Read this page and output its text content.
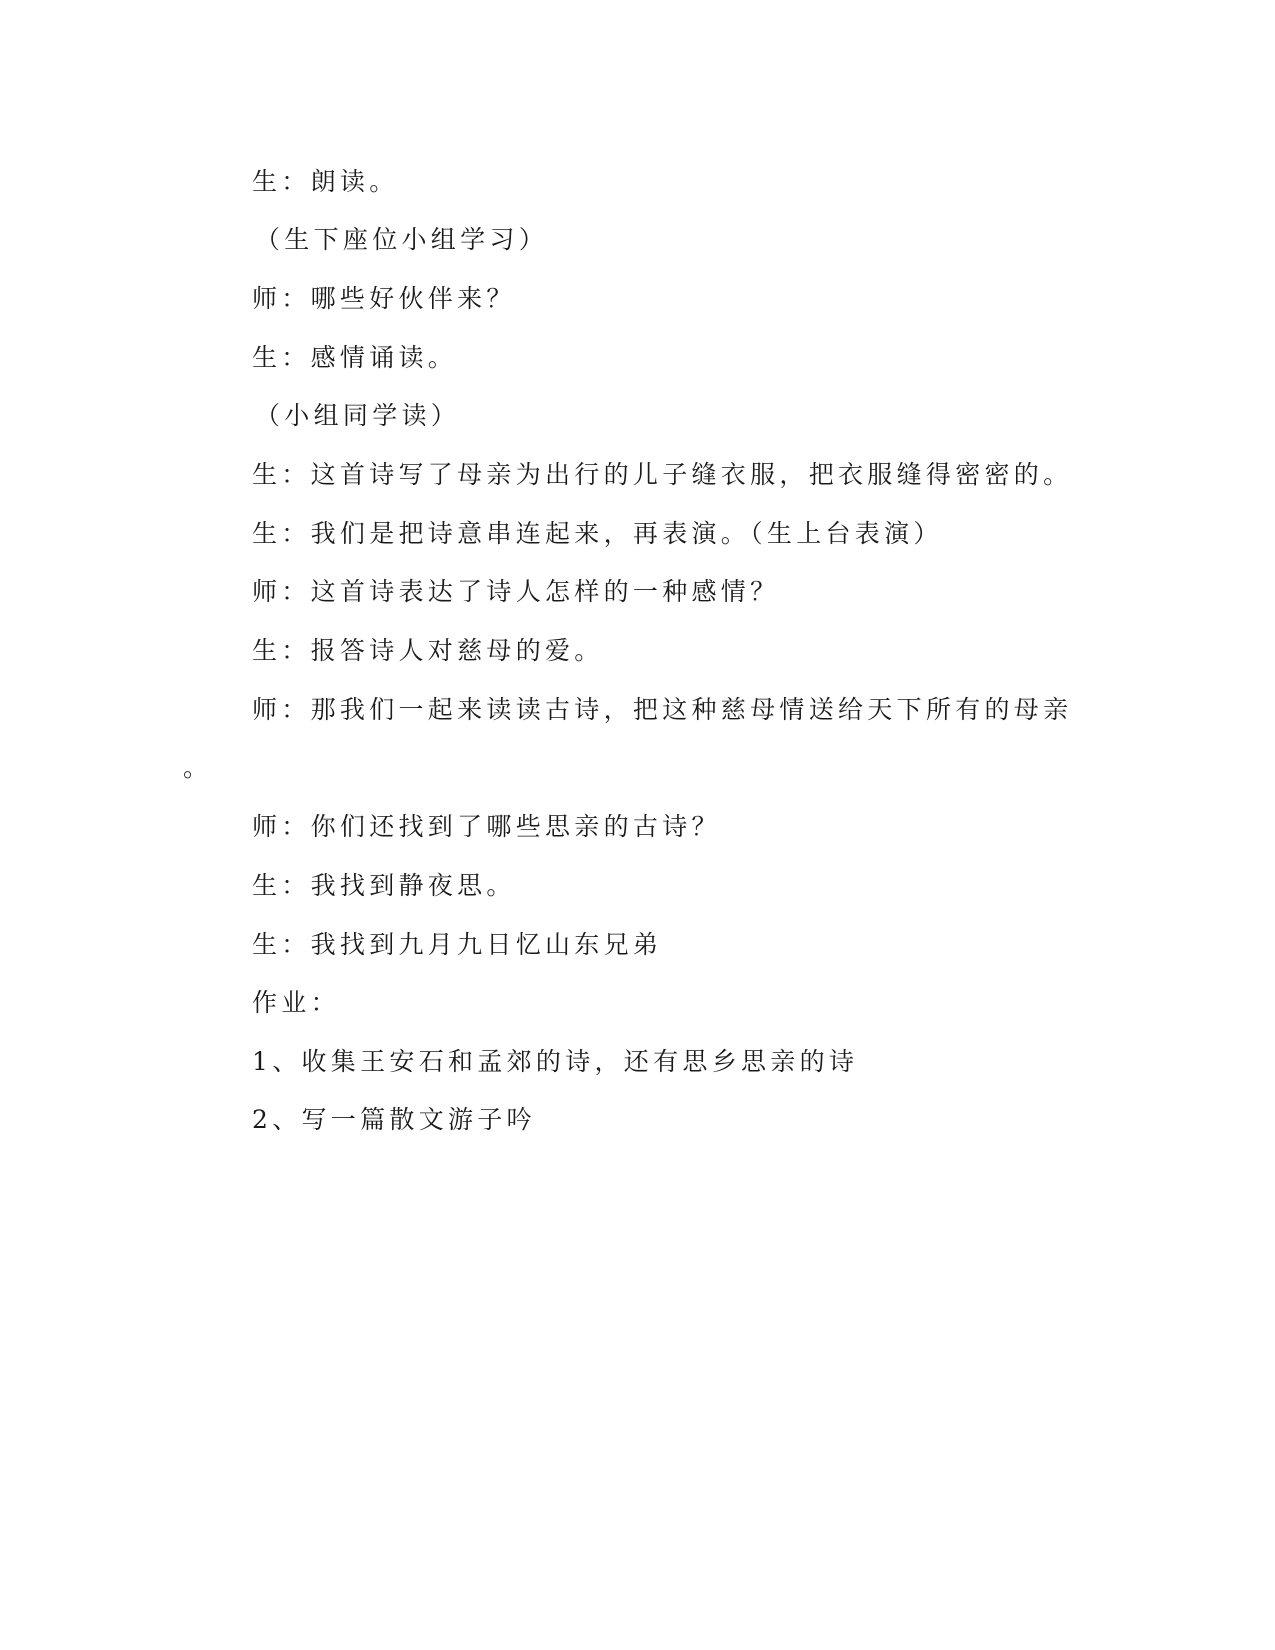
生：朗读。
（生下座位小组学习）
师：哪些好伙伴来？
生：感情诵读。
（小组同学读）
生：这首诗写了母亲为出行的儿子缝衣服，把衣服缝得密密的。
生：我们是把诗意串连起来，再表演。（生上台表演）
师：这首诗表达了诗人怎样的一种感情？
生：报答诗人对慈母的爱。
师：那我们一起来读读古诗，把这种慈母情送给天下所有的母亲
。
师：你们还找到了哪些思亲的古诗？
生：我找到静夜思。
生：我找到九月九日忆山东兄弟
作业：
1、收集王安石和孟郊的诗，还有思乡思亲的诗
2、写一篇散文游子吟
